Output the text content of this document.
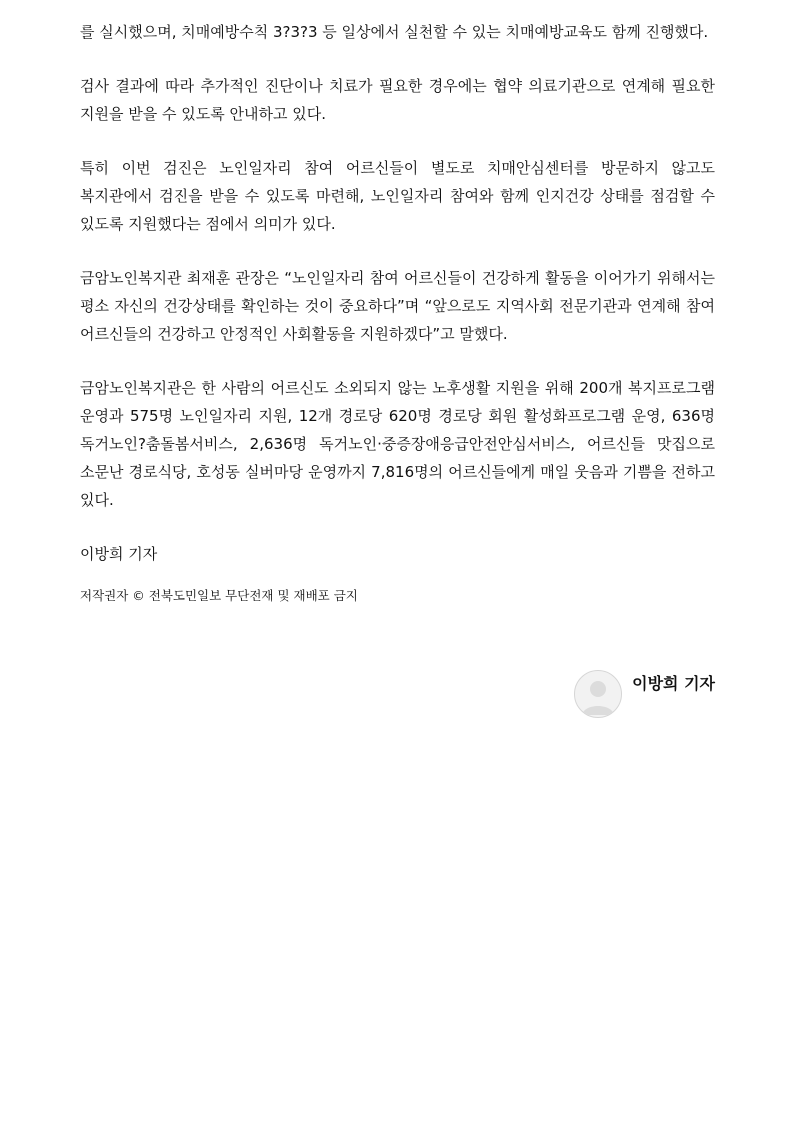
를 실시했으며, 치매예방수칙 3?3?3 등 일상에서 실천할 수 있는 치매예방교육도 함께 진행했다.

검사 결과에 따라 추가적인 진단이나 치료가 필요한 경우에는 협약 의료기관으로 연계해 필요한 지원을 받을 수 있도록 안내하고 있다.

특히 이번 검진은 노인일자리 참여 어르신들이 별도로 치매안심센터를 방문하지 않고도 복지관에서 검진을 받을 수 있도록 마련해, 노인일자리 참여와 함께 인지건강 상태를 점검할 수 있도록 지원했다는 점에서 의미가 있다.

금암노인복지관 최재훈 관장은 “노인일자리 참여 어르신들이 건강하게 활동을 이어가기 위해서는 평소 자신의 건강상태를 확인하는 것이 중요하다”며 “앞으로도 지역사회 전문기관과 연계해 참여 어르신들의 건강하고 안정적인 사회활동을 지원하겠다”고 말했다.

금암노인복지관은 한 사람의 어르신도 소외되지 않는 노후생활 지원을 위해 200개 복지프로그램 운영과 575명 노인일자리 지원, 12개 경로당 620명 경로당 회원 활성화프로그램 운영, 636명 독거노인?춤돌봄서비스, 2,636명 독거노인·중증장애응급안전안심서비스, 어르신들 맛집으로 소문난 경로식당, 호성동 실버마당 운영까지 7,816명의 어르신들에게 매일 웃음과 기쁨을 전하고 있다.

이방희 기자

저작권자 © 전북도민일보 무단전재 및 재배포 금지

이방희 기자
